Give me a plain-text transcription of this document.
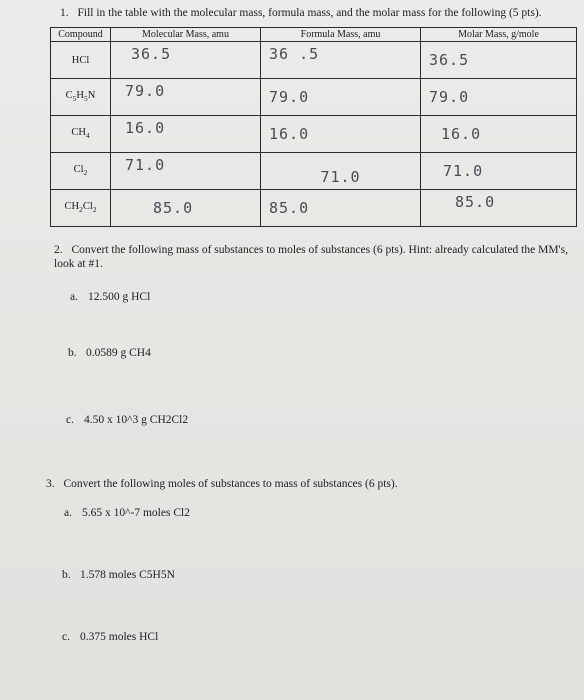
1. Fill in the table with the molecular mass, formula mass, and the molar mass for the following (5 pts).
Compound	Molecular Mass, amu	Formula Mass, amu	Molar Mass, g/mole
HCl	36.5	36 .5	36.5
$C_5H_5N$	79.0	79.0	79.0
$CH_4$	16.0	16.0	16.0
$Cl_2$	71.0	71.0	71.0
$CH_2Cl_2$	85.0	85.0	85.0
2. Convert the following mass of substances to moles of substances (6 pts). Hint: already calculated the MM's, look at #1.
a. 12.500 g HCl
b. 0.0589 g CH4
c. 4.50 x 10^3 g CH2Cl2
3. Convert the following moles of substances to mass of substances (6 pts).
a. 5.65 x 10^-7 moles Cl2
b. 1.578 moles C5H5N
c. 0.375 moles HCl
